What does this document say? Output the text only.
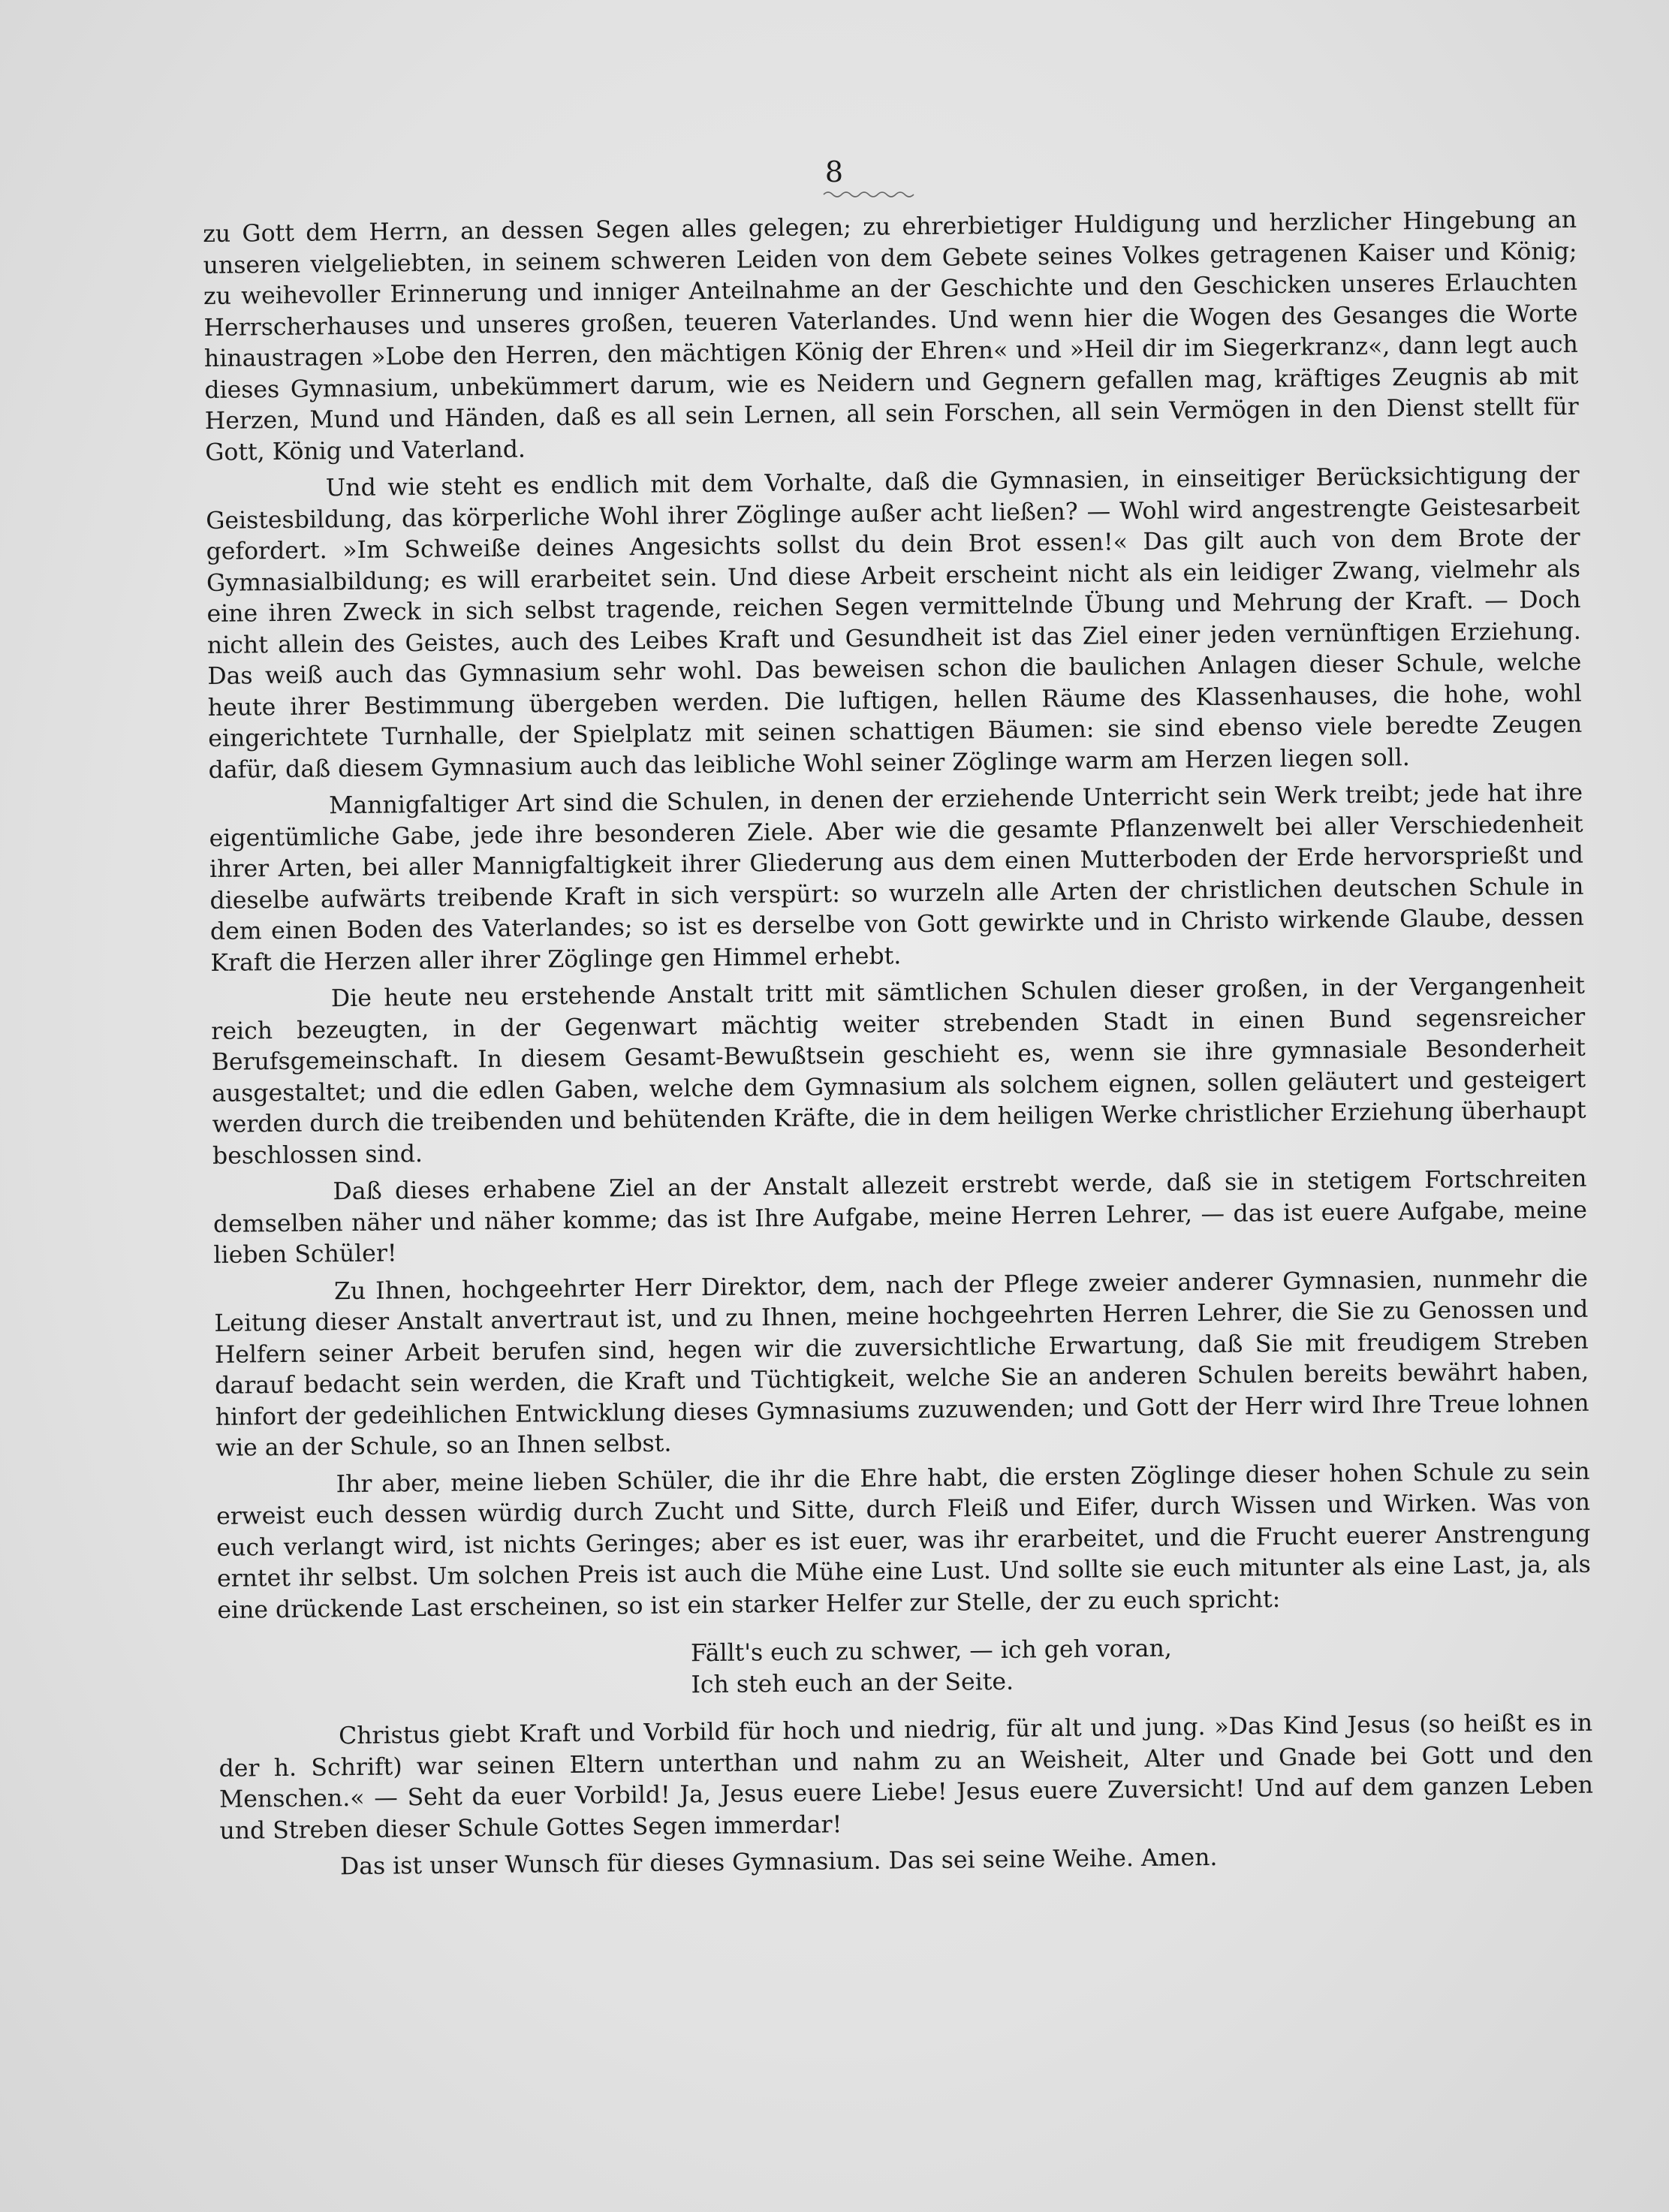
8

zu Gott dem Herrn, an dessen Segen alles gelegen; zu ehrerbietiger Huldigung und herzlicher Hingebung an unseren vielgeliebten, in seinem schweren Leiden von dem Gebete seines Volkes getragenen Kaiser und König; zu weihevoller Erinnerung und inniger Anteilnahme an der Geschichte und den Geschicken unseres Erlauchten Herrscherhauses und unseres großen, teueren Vaterlandes. Und wenn hier die Wogen des Gesanges die Worte hinaustragen »Lobe den Herren, den mächtigen König der Ehren« und »Heil dir im Siegerkranz«, dann legt auch dieses Gymnasium, unbekümmert darum, wie es Neidern und Gegnern gefallen mag, kräftiges Zeugnis ab mit Herzen, Mund und Händen, daß es all sein Lernen, all sein Forschen, all sein Vermögen in den Dienst stellt für Gott, König und Vaterland.

Und wie steht es endlich mit dem Vorhalte, daß die Gymnasien, in einseitiger Berücksichtigung der Geistesbildung, das körperliche Wohl ihrer Zöglinge außer acht ließen? — Wohl wird angestrengte Geistesarbeit gefordert. »Im Schweiße deines Angesichts sollst du dein Brot essen!« Das gilt auch von dem Brote der Gymnasialbildung; es will erarbeitet sein. Und diese Arbeit erscheint nicht als ein leidiger Zwang, vielmehr als eine ihren Zweck in sich selbst tragende, reichen Segen vermittelnde Übung und Mehrung der Kraft. — Doch nicht allein des Geistes, auch des Leibes Kraft und Gesundheit ist das Ziel einer jeden vernünftigen Erziehung. Das weiß auch das Gymnasium sehr wohl. Das beweisen schon die baulichen Anlagen dieser Schule, welche heute ihrer Bestimmung übergeben werden. Die luftigen, hellen Räume des Klassenhauses, die hohe, wohl eingerichtete Turnhalle, der Spielplatz mit seinen schattigen Bäumen: sie sind ebenso viele beredte Zeugen dafür, daß diesem Gymnasium auch das leibliche Wohl seiner Zöglinge warm am Herzen liegen soll.

Mannigfaltiger Art sind die Schulen, in denen der erziehende Unterricht sein Werk treibt; jede hat ihre eigentümliche Gabe, jede ihre besonderen Ziele. Aber wie die gesamte Pflanzenwelt bei aller Verschiedenheit ihrer Arten, bei aller Mannigfaltigkeit ihrer Gliederung aus dem einen Mutterboden der Erde hervorsprießt und dieselbe aufwärts treibende Kraft in sich verspürt: so wurzeln alle Arten der christlichen deutschen Schule in dem einen Boden des Vaterlandes; so ist es derselbe von Gott gewirkte und in Christo wirkende Glaube, dessen Kraft die Herzen aller ihrer Zöglinge gen Himmel erhebt.

Die heute neu erstehende Anstalt tritt mit sämtlichen Schulen dieser großen, in der Vergangenheit reich bezeugten, in der Gegenwart mächtig weiter strebenden Stadt in einen Bund segensreicher Berufsgemeinschaft. In diesem Gesamt-Bewußtsein geschieht es, wenn sie ihre gymnasiale Besonderheit ausgestaltet; und die edlen Gaben, welche dem Gymnasium als solchem eignen, sollen geläutert und gesteigert werden durch die treibenden und behütenden Kräfte, die in dem heiligen Werke christlicher Erziehung überhaupt beschlossen sind.

Daß dieses erhabene Ziel an der Anstalt allezeit erstrebt werde, daß sie in stetigem Fortschreiten demselben näher und näher komme; das ist Ihre Aufgabe, meine Herren Lehrer, — das ist euere Aufgabe, meine lieben Schüler!

Zu Ihnen, hochgeehrter Herr Direktor, dem, nach der Pflege zweier anderer Gymnasien, nunmehr die Leitung dieser Anstalt anvertraut ist, und zu Ihnen, meine hochgeehrten Herren Lehrer, die Sie zu Genossen und Helfern seiner Arbeit berufen sind, hegen wir die zuversichtliche Erwartung, daß Sie mit freudigem Streben darauf bedacht sein werden, die Kraft und Tüchtigkeit, welche Sie an anderen Schulen bereits bewährt haben, hinfort der gedeihlichen Entwicklung dieses Gymnasiums zuzuwenden; und Gott der Herr wird Ihre Treue lohnen wie an der Schule, so an Ihnen selbst.

Ihr aber, meine lieben Schüler, die ihr die Ehre habt, die ersten Zöglinge dieser hohen Schule zu sein erweist euch dessen würdig durch Zucht und Sitte, durch Fleiß und Eifer, durch Wissen und Wirken. Was von euch verlangt wird, ist nichts Geringes; aber es ist euer, was ihr erarbeitet, und die Frucht euerer Anstrengung erntet ihr selbst. Um solchen Preis ist auch die Mühe eine Lust. Und sollte sie euch mitunter als eine Last, ja, als eine drückende Last erscheinen, so ist ein starker Helfer zur Stelle, der zu euch spricht:

Fällt's euch zu schwer, — ich geh voran,
Ich steh euch an der Seite.

Christus giebt Kraft und Vorbild für hoch und niedrig, für alt und jung. »Das Kind Jesus (so heißt es in der h. Schrift) war seinen Eltern unterthan und nahm zu an Weisheit, Alter und Gnade bei Gott und den Menschen.« — Seht da euer Vorbild! Ja, Jesus euere Liebe! Jesus euere Zuversicht! Und auf dem ganzen Leben und Streben dieser Schule Gottes Segen immerdar!

Das ist unser Wunsch für dieses Gymnasium. Das sei seine Weihe. Amen.
